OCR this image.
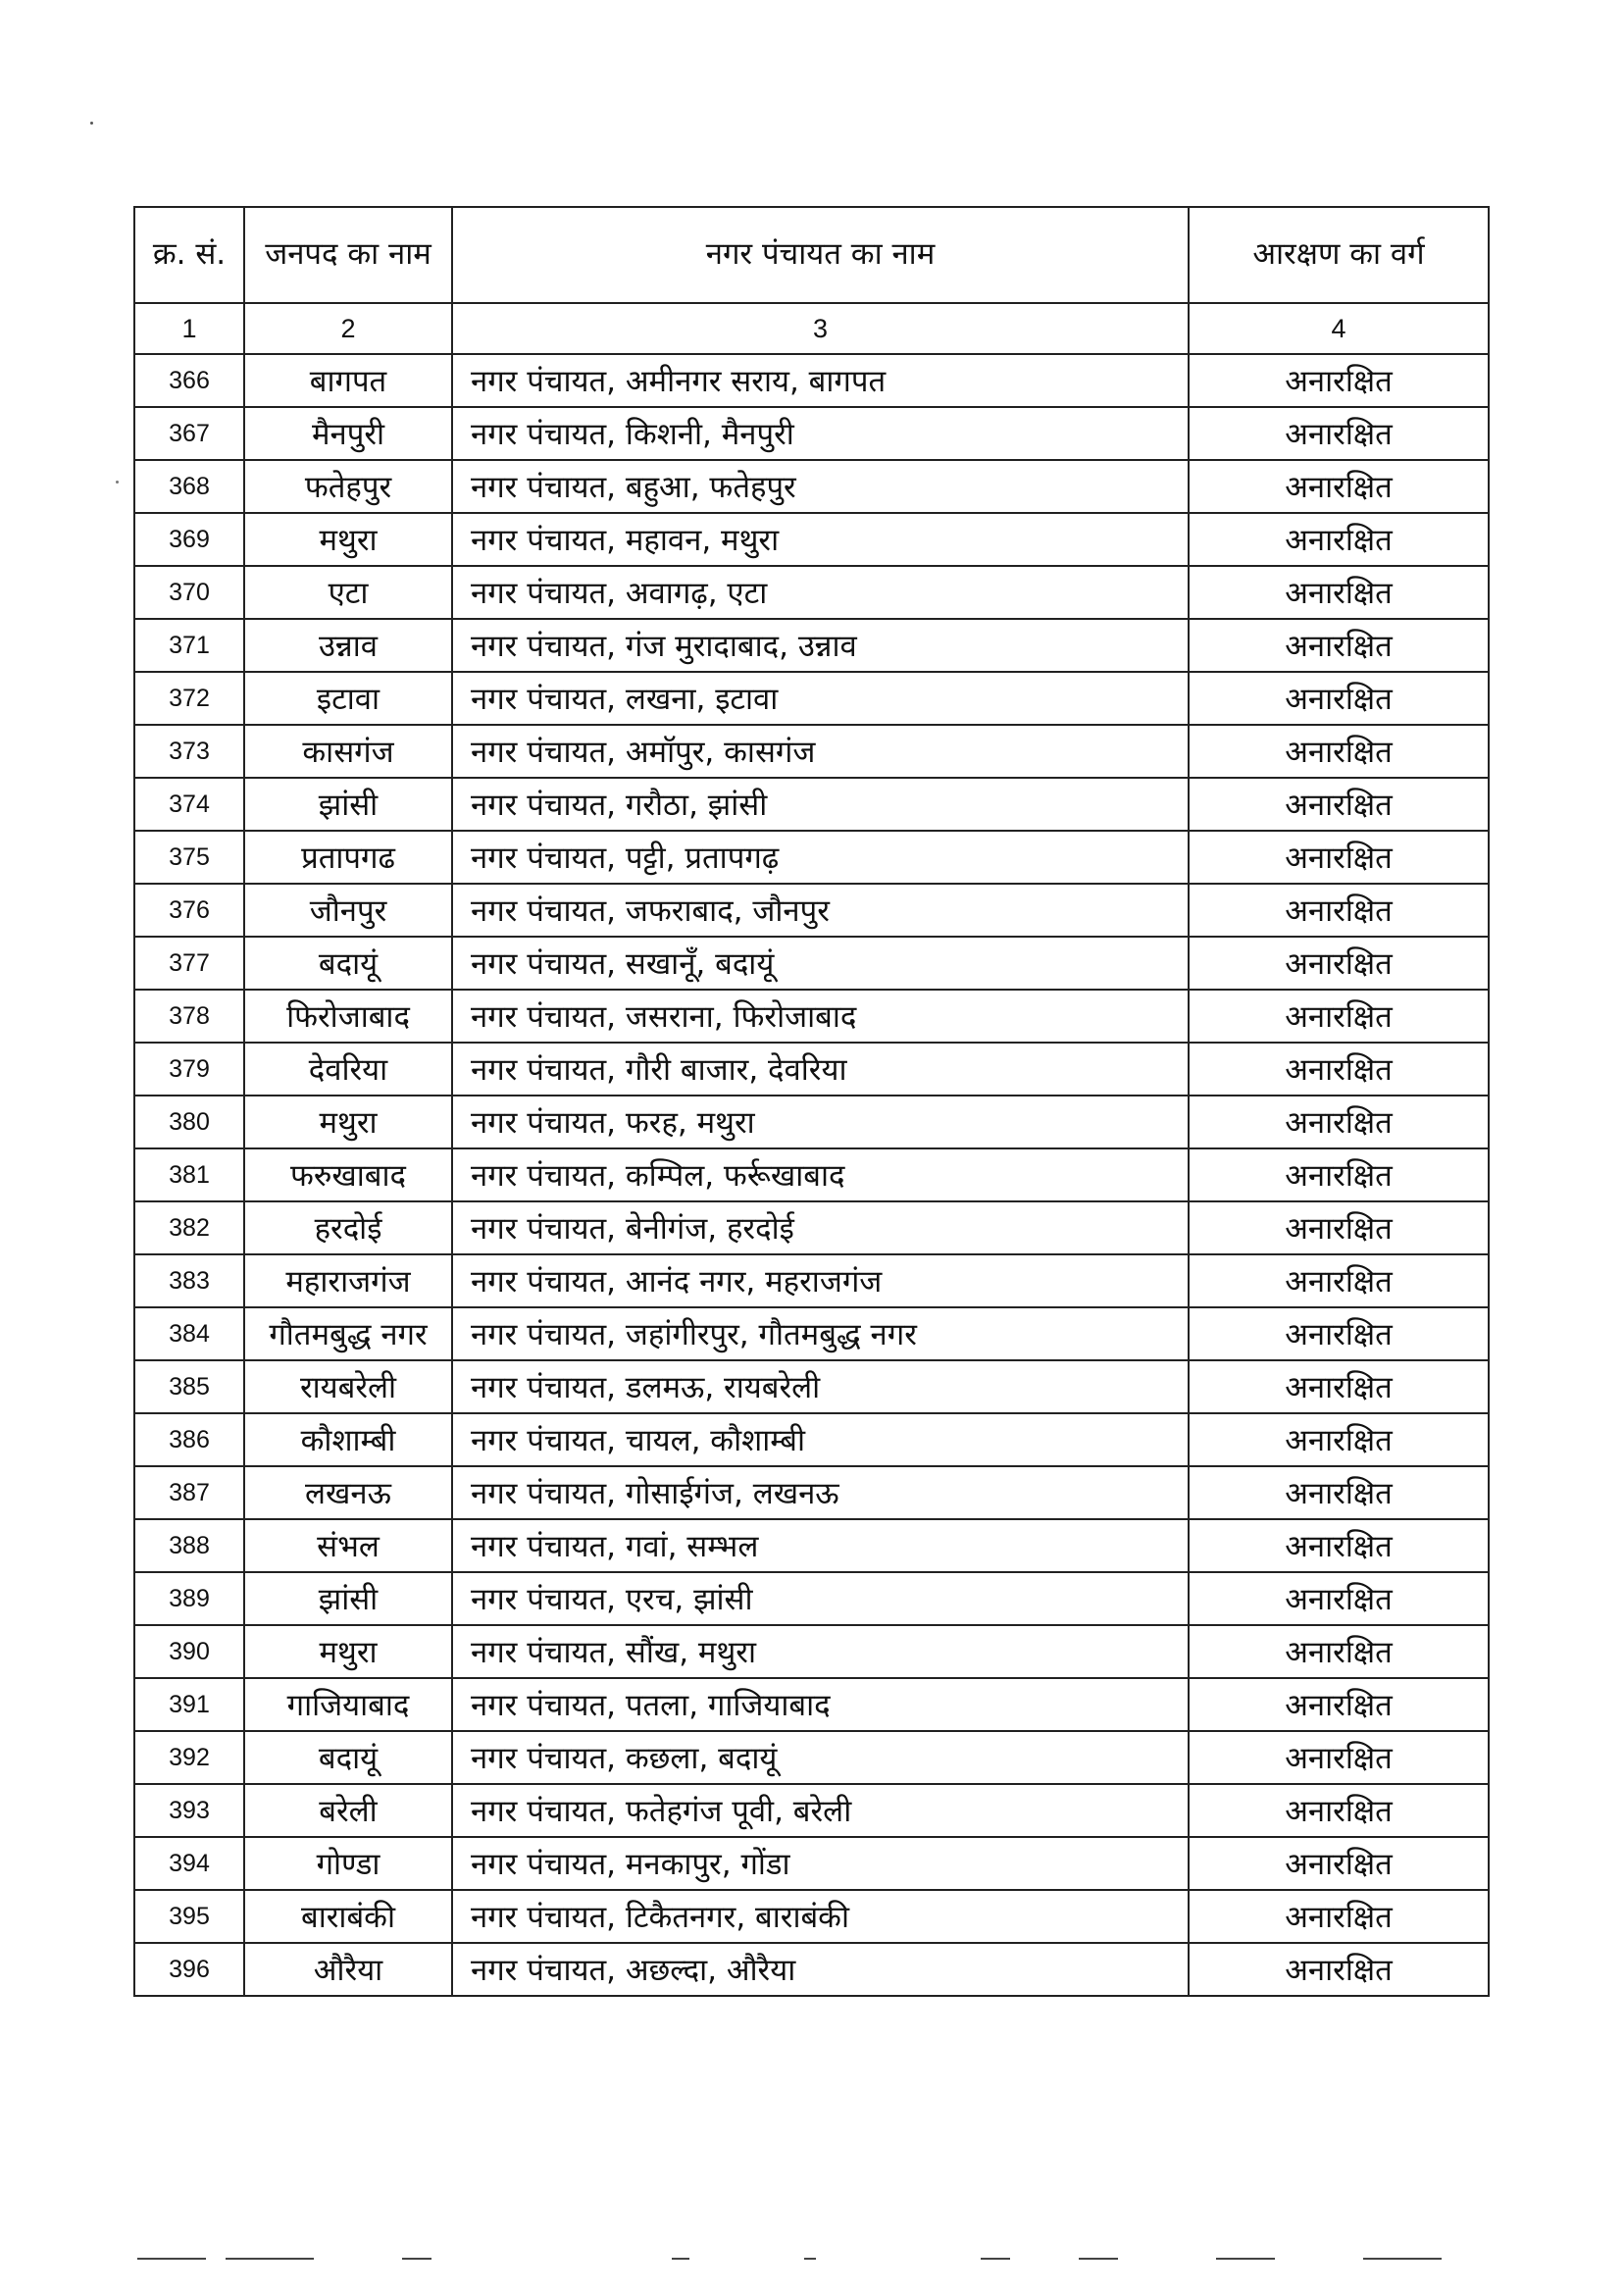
क्र. सं.	जनपद का नाम	नगर पंचायत का नाम	आरक्षण का वर्ग
1	2	3	4
366	बागपत	नगर पंचायत, अमीनगर सराय, बागपत	अनारक्षित
367	मैनपुरी	नगर पंचायत, किशनी, मैनपुरी	अनारक्षित
368	फतेहपुर	नगर पंचायत, बहुआ, फतेहपुर	अनारक्षित
369	मथुरा	नगर पंचायत, महावन, मथुरा	अनारक्षित
370	एटा	नगर पंचायत, अवागढ़, एटा	अनारक्षित
371	उन्नाव	नगर पंचायत, गंज मुरादाबाद, उन्नाव	अनारक्षित
372	इटावा	नगर पंचायत, लखना, इटावा	अनारक्षित
373	कासगंज	नगर पंचायत, अमॉपुर, कासगंज	अनारक्षित
374	झांसी	नगर पंचायत, गरौठा, झांसी	अनारक्षित
375	प्रतापगढ	नगर पंचायत, पट्टी, प्रतापगढ़	अनारक्षित
376	जौनपुर	नगर पंचायत, जफराबाद, जौनपुर	अनारक्षित
377	बदायूं	नगर पंचायत, सखानूँ, बदायूं	अनारक्षित
378	फिरोजाबाद	नगर पंचायत, जसराना, फिरोजाबाद	अनारक्षित
379	देवरिया	नगर पंचायत, गौरी बाजार, देवरिया	अनारक्षित
380	मथुरा	नगर पंचायत, फरह, मथुरा	अनारक्षित
381	फरुखाबाद	नगर पंचायत, कम्पिल, फर्रूखाबाद	अनारक्षित
382	हरदोई	नगर पंचायत, बेनीगंज, हरदोई	अनारक्षित
383	महाराजगंज	नगर पंचायत, आनंद नगर, महराजगंज	अनारक्षित
384	गौतमबुद्ध नगर	नगर पंचायत, जहांगीरपुर, गौतमबुद्ध नगर	अनारक्षित
385	रायबरेली	नगर पंचायत, डलमऊ, रायबरेली	अनारक्षित
386	कौशाम्बी	नगर पंचायत, चायल, कौशाम्बी	अनारक्षित
387	लखनऊ	नगर पंचायत, गोसाईगंज, लखनऊ	अनारक्षित
388	संभल	नगर पंचायत, गवां, सम्भल	अनारक्षित
389	झांसी	नगर पंचायत, एरच, झांसी	अनारक्षित
390	मथुरा	नगर पंचायत, सौंख, मथुरा	अनारक्षित
391	गाजियाबाद	नगर पंचायत, पतला, गाजियाबाद	अनारक्षित
392	बदायूं	नगर पंचायत, कछला, बदायूं	अनारक्षित
393	बरेली	नगर पंचायत, फतेहगंज पूवी, बरेली	अनारक्षित
394	गोण्डा	नगर पंचायत, मनकापुर, गोंडा	अनारक्षित
395	बाराबंकी	नगर पंचायत, टिकैतनगर, बाराबंकी	अनारक्षित
396	औरैया	नगर पंचायत, अछल्दा, औरैया	अनारक्षित
